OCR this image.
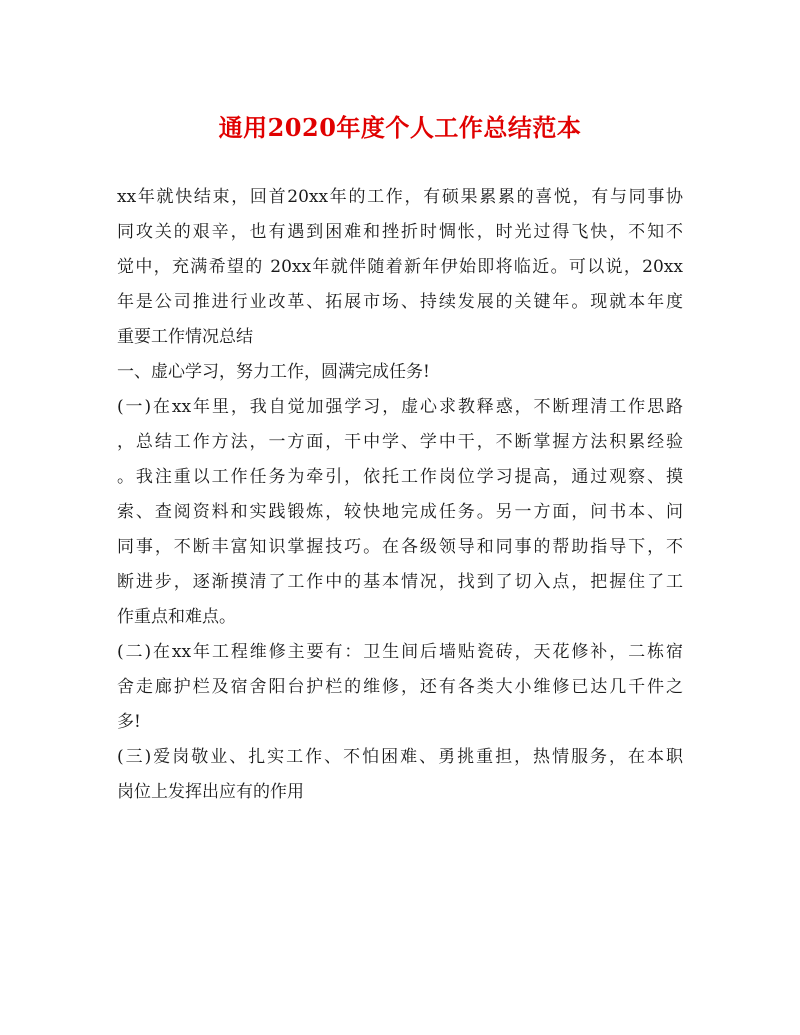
通用2020年度个人工作总结范本
xx年就快结束，回首20xx年的工作，有硕果累累的喜悦，有与同事协
同攻关的艰辛，也有遇到困难和挫折时惆怅，时光过得飞快，不知不
觉中，充满希望的 20xx年就伴随着新年伊始即将临近。可以说，20xx
年是公司推进行业改革、拓展市场、持续发展的关键年。现就本年度
重要工作情况总结
一、虚心学习，努力工作，圆满完成任务!
(一)在xx年里，我自觉加强学习，虚心求教释惑，不断理清工作思路
，总结工作方法，一方面，干中学、学中干，不断掌握方法积累经验
。我注重以工作任务为牵引，依托工作岗位学习提高，通过观察、摸
索、查阅资料和实践锻炼，较快地完成任务。另一方面，问书本、问
同事，不断丰富知识掌握技巧。在各级领导和同事的帮助指导下，不
断进步，逐渐摸清了工作中的基本情况，找到了切入点，把握住了工
作重点和难点。
(二)在xx年工程维修主要有：卫生间后墙贴瓷砖，天花修补，二栋宿
舍走廊护栏及宿舍阳台护栏的维修，还有各类大小维修已达几千件之
多!
(三)爱岗敬业、扎实工作、不怕困难、勇挑重担，热情服务，在本职
岗位上发挥出应有的作用
